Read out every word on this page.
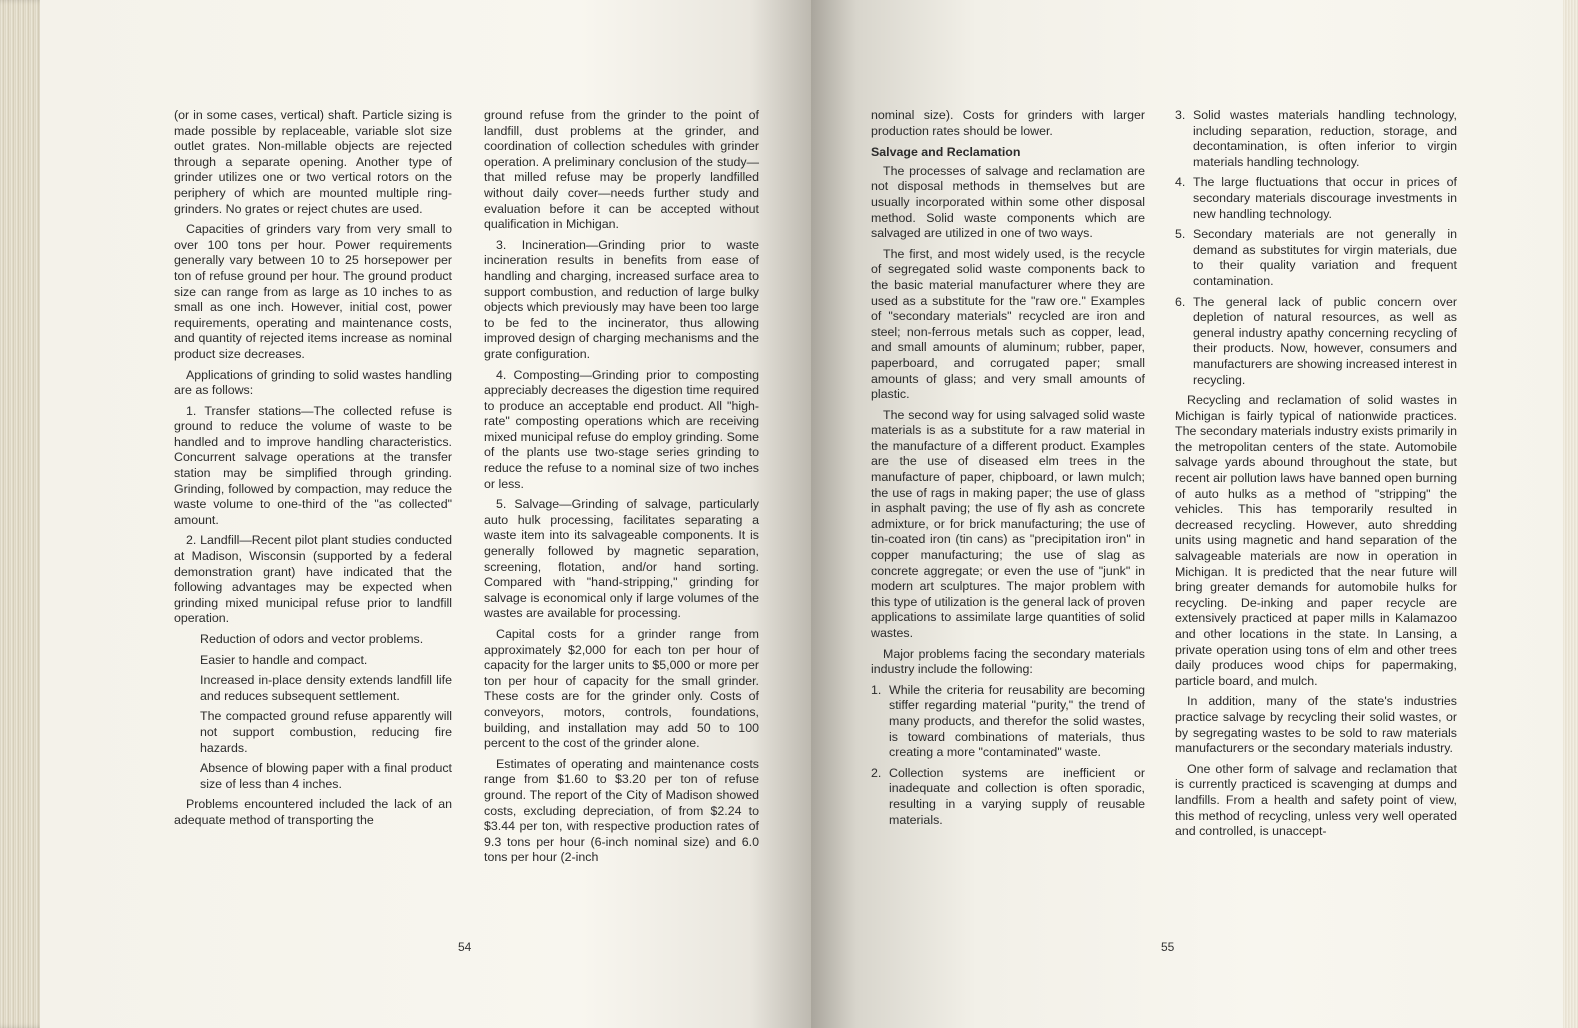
(or in some cases, vertical) shaft. Particle sizing is made possible by replaceable, variable slot size outlet grates. Non-millable objects are rejected through a separate opening. Another type of grinder utilizes one or two vertical rotors on the periphery of which are mounted multiple ring-grinders. No grates or reject chutes are used.

Capacities of grinders vary from very small to over 100 tons per hour. Power requirements generally vary between 10 to 25 horsepower per ton of refuse ground per hour. The ground product size can range from as large as 10 inches to as small as one inch. However, initial cost, power requirements, operating and maintenance costs, and quantity of rejected items increase as nominal product size decreases.

Applications of grinding to solid wastes handling are as follows:

1. Transfer stations—The collected refuse is ground to reduce the volume of waste to be handled and to improve handling characteristics. Concurrent salvage operations at the transfer station may be simplified through grinding. Grinding, followed by compaction, may reduce the waste volume to one-third of the "as collected" amount.

2. Landfill—Recent pilot plant studies conducted at Madison, Wisconsin (supported by a federal demonstration grant) have indicated that the following advantages may be expected when grinding mixed municipal refuse prior to landfill operation.

Reduction of odors and vector problems.

Easier to handle and compact.

Increased in-place density extends landfill life and reduces subsequent settlement.

The compacted ground refuse apparently will not support combustion, reducing fire hazards.

Absence of blowing paper with a final product size of less than 4 inches.

Problems encountered included the lack of an adequate method of transporting the

ground refuse from the grinder to the point of landfill, dust problems at the grinder, and coordination of collection schedules with grinder operation. A preliminary conclusion of the study—that milled refuse may be properly landfilled without daily cover—needs further study and evaluation before it can be accepted without qualification in Michigan.

3. Incineration—Grinding prior to waste incineration results in benefits from ease of handling and charging, increased surface area to support combustion, and reduction of large bulky objects which previously may have been too large to be fed to the incinerator, thus allowing improved design of charging mechanisms and the grate configuration.

4. Composting—Grinding prior to composting appreciably decreases the digestion time required to produce an acceptable end product. All "high-rate" composting operations which are receiving mixed municipal refuse do employ grinding. Some of the plants use two-stage series grinding to reduce the refuse to a nominal size of two inches or less.

5. Salvage—Grinding of salvage, particularly auto hulk processing, facilitates separating a waste item into its salvageable components. It is generally followed by magnetic separation, screening, flotation, and/or hand sorting. Compared with "hand-stripping," grinding for salvage is economical only if large volumes of the wastes are available for processing.

Capital costs for a grinder range from approximately $2,000 for each ton per hour of capacity for the larger units to $5,000 or more per ton per hour of capacity for the small grinder. These costs are for the grinder only. Costs of conveyors, motors, controls, foundations, building, and installation may add 50 to 100 percent to the cost of the grinder alone.

Estimates of operating and maintenance costs range from $1.60 to $3.20 per ton of refuse ground. The report of the City of Madison showed costs, excluding depreciation, of from $2.24 to $3.44 per ton, with respective production rates of 9.3 tons per hour (6-inch nominal size) and 6.0 tons per hour (2-inch

54

nominal size). Costs for grinders with larger production rates should be lower.

Salvage and Reclamation

The processes of salvage and reclamation are not disposal methods in themselves but are usually incorporated within some other disposal method. Solid waste components which are salvaged are utilized in one of two ways.

The first, and most widely used, is the recycle of segregated solid waste components back to the basic material manufacturer where they are used as a substitute for the "raw ore." Examples of "secondary materials" recycled are iron and steel; non-ferrous metals such as copper, lead, and small amounts of aluminum; rubber, paper, paperboard, and corrugated paper; small amounts of glass; and very small amounts of plastic.

The second way for using salvaged solid waste materials is as a substitute for a raw material in the manufacture of a different product. Examples are the use of diseased elm trees in the manufacture of paper, chipboard, or lawn mulch; the use of rags in making paper; the use of glass in asphalt paving; the use of fly ash as concrete admixture, or for brick manufacturing; the use of tin-coated iron (tin cans) as "precipitation iron" in copper manufacturing; the use of slag as concrete aggregate; or even the use of "junk" in modern art sculptures. The major problem with this type of utilization is the general lack of proven applications to assimilate large quantities of solid wastes.

Major problems facing the secondary materials industry include the following:

1. While the criteria for reusability are becoming stiffer regarding material "purity," the trend of many products, and therefor the solid wastes, is toward combinations of materials, thus creating a more "contaminated" waste.
2. Collection systems are inefficient or inadequate and collection is often sporadic, resulting in a varying supply of reusable materials.
3. Solid wastes materials handling technology, including separation, reduction, storage, and decontamination, is often inferior to virgin materials handling technology.
4. The large fluctuations that occur in prices of secondary materials discourage investments in new handling technology.
5. Secondary materials are not generally in demand as substitutes for virgin materials, due to their quality variation and frequent contamination.
6. The general lack of public concern over depletion of natural resources, as well as general industry apathy concerning recycling of their products. Now, however, consumers and manufacturers are showing increased interest in recycling.

Recycling and reclamation of solid wastes in Michigan is fairly typical of nationwide practices. The secondary materials industry exists primarily in the metropolitan centers of the state. Automobile salvage yards abound throughout the state, but recent air pollution laws have banned open burning of auto hulks as a method of "stripping" the vehicles. This has temporarily resulted in decreased recycling. However, auto shredding units using magnetic and hand separation of the salvageable materials are now in operation in Michigan. It is predicted that the near future will bring greater demands for automobile hulks for recycling. De-inking and paper recycle are extensively practiced at paper mills in Kalamazoo and other locations in the state. In Lansing, a private operation using tons of elm and other trees daily produces wood chips for papermaking, particle board, and mulch.

In addition, many of the state's industries practice salvage by recycling their solid wastes, or by segregating wastes to be sold to raw materials manufacturers or the secondary materials industry.

One other form of salvage and reclamation that is currently practiced is scavenging at dumps and landfills. From a health and safety point of view, this method of recycling, unless very well operated and controlled, is unaccept-

55
